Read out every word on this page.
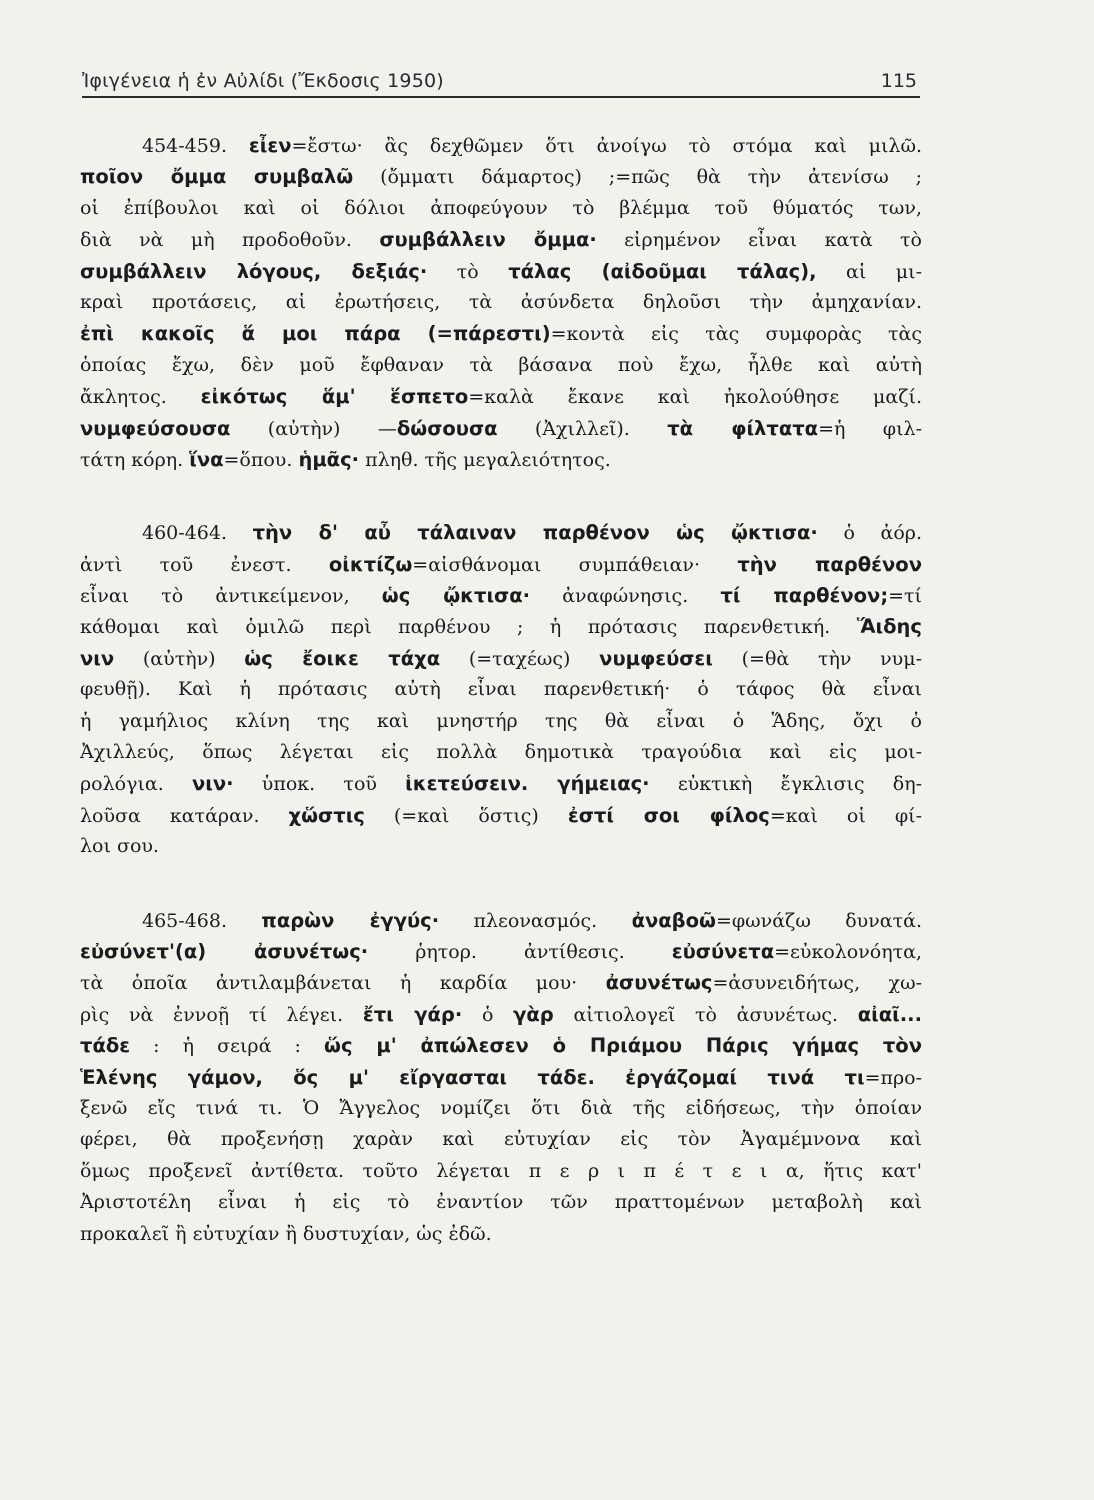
Ἰφιγένεια ἡ ἐν Αὐλίδι (Ἔκδοσις 1950)	115
454-459. εἶεν=ἔστω· ἂς δεχθῶμεν ὅτι ἀνοίγω τὸ στόμα καὶ μιλῶ.
ποῖον ὄμμα συμβαλῶ (ὄμματι δάμαρτος) ;=πῶς θὰ τὴν ἀτενίσω ;
οἱ ἐπίβουλοι καὶ οἱ δόλιοι ἀποφεύγουν τὸ βλέμμα τοῦ θύματός των,
διὰ νὰ μὴ προδοθοῦν. συμβάλλειν ὄμμα· εἰρημένον εἶναι κατὰ τὸ
συμβάλλειν λόγους, δεξιάς· τὸ τάλας (αἰδοῦμαι τάλας), αἱ μι-
κραὶ προτάσεις, αἱ ἐρωτήσεις, τὰ ἀσύνδετα δηλοῦσι τὴν ἀμηχανίαν.
ἐπὶ κακοῖς ἅ μοι πάρα (=πάρεστι)=κοντὰ εἰς τὰς συμφορὰς τὰς
ὁποίας ἔχω, δὲν μοῦ ἔφθαναν τὰ βάσανα ποὺ ἔχω, ἦλθε καὶ αὐτὴ
ἄκλητος. εἰκότως ἅμ' ἕσπετο=καλὰ ἔκανε καὶ ἠκολούθησε μαζί.
νυμφεύσουσα (αὐτὴν) —δώσουσα (Ἀχιλλεῖ). τὰ φίλτατα=ἡ φιλ-
τάτη κόρη. ἵνα=ὅπου. ἡμᾶς· πληθ. τῆς μεγαλειότητος.
460-464. τὴν δ' αὖ τάλαιναν παρθένον ὡς ᾤκτισα· ὁ ἀόρ.
ἀντὶ τοῦ ἐνεστ. οἰκτίζω=αἰσθάνομαι συμπάθειαν· τὴν παρθένον
εἶναι τὸ ἀντικείμενον, ὡς ᾤκτισα· ἀναφώνησις. τί παρθένον;=τί
κάθομαι καὶ ὁμιλῶ περὶ παρθένου ; ἡ πρότασις παρενθετική. Ἅιδης
νιν (αὐτὴν) ὡς ἔοικε τάχα (=ταχέως) νυμφεύσει (=θὰ τὴν νυμ-
φευθῇ). Καὶ ἡ πρότασις αὐτὴ εἶναι παρενθετική· ὁ τάφος θὰ εἶναι
ἡ γαμήλιος κλίνη της καὶ μνηστήρ της θὰ εἶναι ὁ Ἅδης, ὄχι ὁ
Ἀχιλλεύς, ὅπως λέγεται εἰς πολλὰ δημοτικὰ τραγούδια καὶ εἰς μοι-
ρολόγια. νιν· ὑποκ. τοῦ ἱκετεύσειν. γήμειας· εὐκτικὴ ἔγκλισις δη-
λοῦσα κατάραν. χὥστις (=καὶ ὅστις) ἐστί σοι φίλος=καὶ οἱ φί-
λοι σου.
465-468. παρὼν ἐγγύς· πλεονασμός. ἀναβοῶ=φωνάζω δυνατά.
εὐσύνετ'(α) ἀσυνέτως· ῥητορ. ἀντίθεσις. εὐσύνετα=εὐκολονόητα,
τὰ ὁποῖα ἀντιλαμβάνεται ἡ καρδία μου· ἀσυνέτως=ἀσυνειδήτως, χω-
ρὶς νὰ ἐννοῇ τί λέγει. ἔτι γάρ· ὁ γὰρ αἰτιολογεῖ τὸ ἀσυνέτως. αἰαῖ...
τάδε : ἡ σειρά : ὥς μ' ἀπώλεσεν ὁ Πριάμου Πάρις γήμας τὸν
Ἑλένης γάμον, ὅς μ' εἴργασται τάδε. ἐργάζομαί τινά τι=προ-
ξενῶ εἴς τινά τι. Ὁ Ἄγγελος νομίζει ὅτι διὰ τῆς εἰδήσεως, τὴν ὁποίαν
φέρει, θὰ προξενήσῃ χαρὰν καὶ εὐτυχίαν εἰς τὸν Ἀγαμέμνονα καὶ
ὅμως προξενεῖ ἀντίθετα. τοῦτο λέγεται π ε ρ ι π έ τ ε ι α, ἥτις κατ'
Ἀριστοτέλη εἶναι ἡ εἰς τὸ ἐναντίον τῶν πραττομένων μεταβολὴ καὶ
προκαλεῖ ἢ εὐτυχίαν ἢ δυστυχίαν, ὡς ἐδῶ.
